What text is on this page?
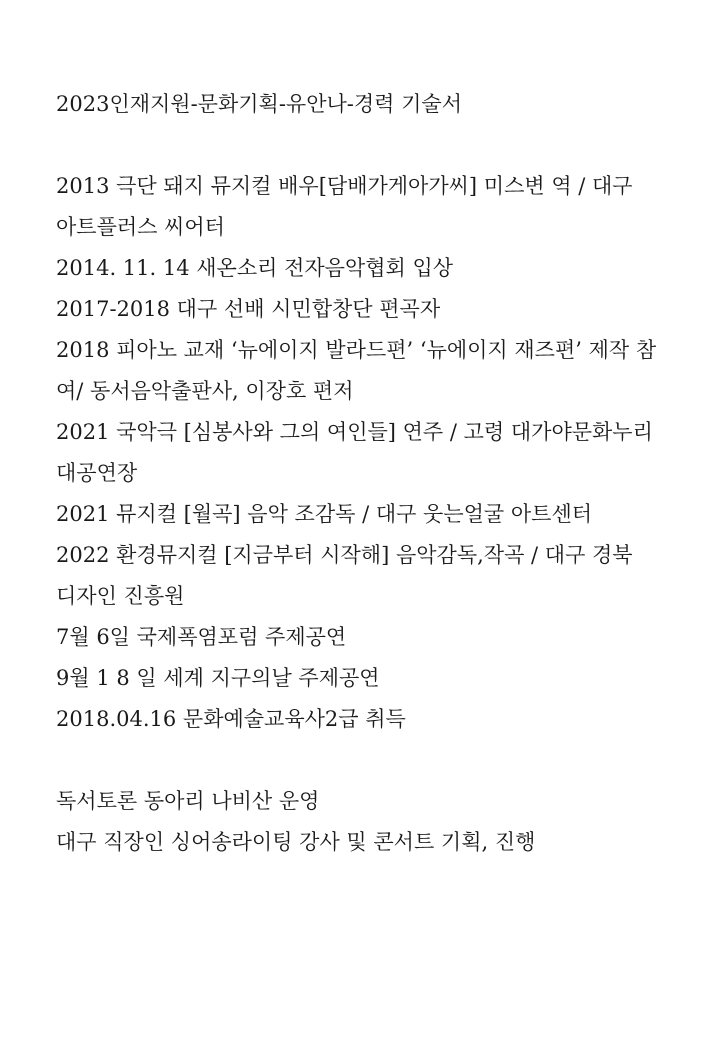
2023인재지원-문화기획-유안나-경력 기술서

2013 극단 돼지 뮤지컬 배우[담배가게아가씨] 미스변 역 / 대구

아트플러스 씨어터

2014. 11. 14 새온소리 전자음악협회 입상

2017-2018 대구 선배 시민합창단 편곡자

2018 피아노 교재 ‘뉴에이지 발라드편’ ‘뉴에이지 재즈편’ 제작 참

여/ 동서음악출판사, 이장호 편저

2021 국악극 [심봉사와 그의 여인들] 연주 / 고령 대가야문화누리

대공연장

2021 뮤지컬 [월곡] 음악 조감독 / 대구 웃는얼굴 아트센터

2022 환경뮤지컬 [지금부터 시작해] 음악감독,작곡 / 대구 경북

디자인 진흥원

7월 6일 국제폭염포럼 주제공연

9월 1 8 일 세계 지구의날 주제공연

2018.04.16 문화예술교육사2급 취득

독서토론 동아리 나비산 운영

대구 직장인 싱어송라이팅 강사 및 콘서트 기획, 진행
